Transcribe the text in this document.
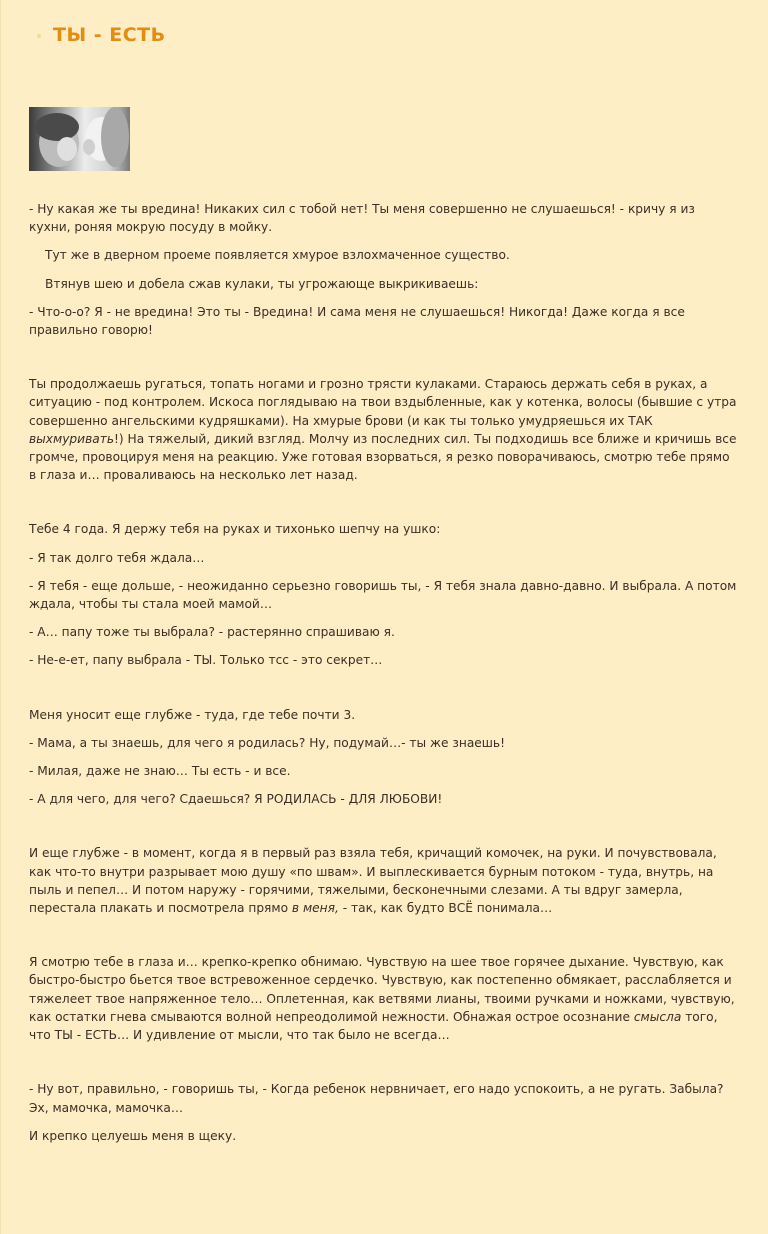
ТЫ - ЕСТЬ

- Ну какая же ты вредина! Никаких сил с тобой нет! Ты меня совершенно не слушаешься! - кричу я из кухни, роняя мокрую посуду в мойку.

Тут же в дверном проеме появляется хмурое взлохмаченное существо.

Втянув шею и добела сжав кулаки, ты угрожающе выкрикиваешь:

- Что-о-о? Я - не вредина! Это ты - Вредина! И сама меня не слушаешься! Никогда! Даже когда я все правильно говорю!

Ты продолжаешь ругаться, топать ногами и грозно трясти кулаками. Стараюсь держать себя в руках, а ситуацию - под контролем. Искоса поглядываю на твои вздыбленные, как у котенка, волосы (бывшие с утра совершенно ангельскими кудряшками). На хмурые брови (и как ты только умудряешься их ТАК выхмуривать!) На тяжелый, дикий взгляд. Молчу из последних сил. Ты подходишь все ближе и кричишь все громче, провоцируя меня на реакцию. Уже готовая взорваться, я резко поворачиваюсь, смотрю тебе прямо в глаза и… проваливаюсь на несколько лет назад.

Тебе 4 года. Я держу тебя на руках и тихонько шепчу на ушко:

- Я так долго тебя ждала…

- Я тебя - еще дольше, - неожиданно серьезно говоришь ты, - Я тебя знала давно-давно. И выбрала. А потом ждала, чтобы ты стала моей мамой…

- А… папу тоже ты выбрала? - растерянно спрашиваю я.

- Не-е-ет, папу выбрала - ТЫ. Только тсс - это секрет…

Меня уносит еще глубже - туда, где тебе почти 3.

- Мама, а ты знаешь, для чего я родилась? Ну, подумай…- ты же знаешь!

- Милая, даже не знаю… Ты есть - и все.

- А для чего, для чего? Сдаешься? Я РОДИЛАСЬ - ДЛЯ ЛЮБОВИ!

И еще глубже - в момент, когда я в первый раз взяла тебя, кричащий комочек, на руки. И почувствовала, как что-то внутри разрывает мою душу «по швам». И выплескивается бурным потоком - туда, внутрь, на пыль и пепел… И потом наружу - горячими, тяжелыми, бесконечными слезами. А ты вдруг замерла, перестала плакать и посмотрела прямо в меня, - так, как будто ВСЁ понимала…

Я смотрю тебе в глаза и… крепко-крепко обнимаю. Чувствую на шее твое горячее дыхание. Чувствую, как быстро-быстро бьется твое встревоженное сердечко. Чувствую, как постепенно обмякает, расслабляется и тяжелеет твое напряженное тело… Оплетенная, как ветвями лианы, твоими ручками и ножками, чувствую, как остатки гнева смываются волной непреодолимой нежности. Обнажая острое осознание смысла того, что ТЫ - ЕСТЬ… И удивление от мысли, что так было не всегда…

- Ну вот, правильно, - говоришь ты, - Когда ребенок нервничает, его надо успокоить, а не ругать. Забыла? Эх, мамочка, мамочка…

И крепко целуешь меня в щеку.
